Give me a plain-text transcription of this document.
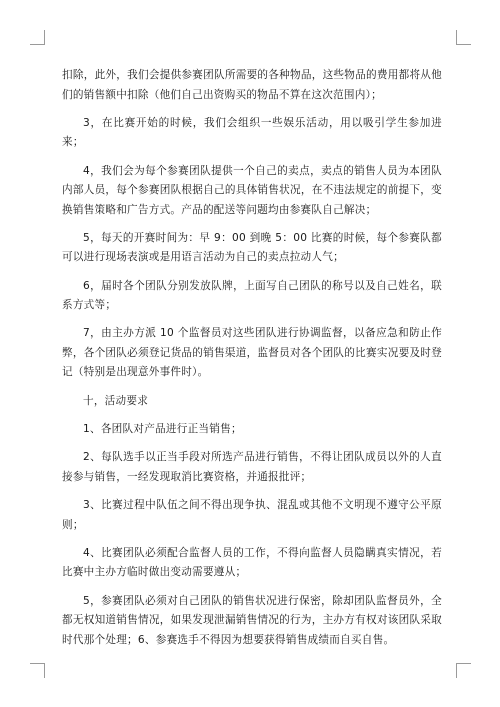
扣除，此外，我们会提供参赛团队所需要的各种物品，这些物品的费用都将从他们的销售额中扣除（他们自己出资购买的物品不算在这次范围内）；

3，在比赛开始的时候，我们会组织一些娱乐活动，用以吸引学生参加进来；

4，我们会为每个参赛团队提供一个自己的卖点，卖点的销售人员为本团队内部人员，每个参赛团队根据自己的具体销售状况，在不违法规定的前提下，变换销售策略和广告方式。产品的配送等问题均由参赛队自己解决；

5，每天的开赛时间为：早 9：00 到晚 5：00 比赛的时候，每个参赛队都可以进行现场表演或是用语言活动为自己的卖点拉动人气；

6，届时各个团队分别发放队牌，上面写自己团队的称号以及自己姓名，联系方式等；

7，由主办方派 10 个监督员对这些团队进行协调监督，以备应急和防止作弊，各个团队必须登记货品的销售渠道，监督员对各个团队的比赛实况要及时登记（特别是出现意外事件时）。

十，活动要求

1、各团队对产品进行正当销售；

2、每队选手以正当手段对所选产品进行销售，不得让团队成员以外的人直接参与销售，一经发现取消比赛资格，并通报批评；

3、比赛过程中队伍之间不得出现争执、混乱或其他不文明现不遵守公平原则；

4、比赛团队必须配合监督人员的工作，不得向监督人员隐瞒真实情况，若比赛中主办方临时做出变动需要遵从；

5，参赛团队必须对自己团队的销售状况进行保密，除却团队监督员外，全都无权知道销售情况，如果发现泄漏销售情况的行为，主办方有权对该团队采取时代那个处理；6、参赛选手不得因为想要获得销售成绩而自买自售。
